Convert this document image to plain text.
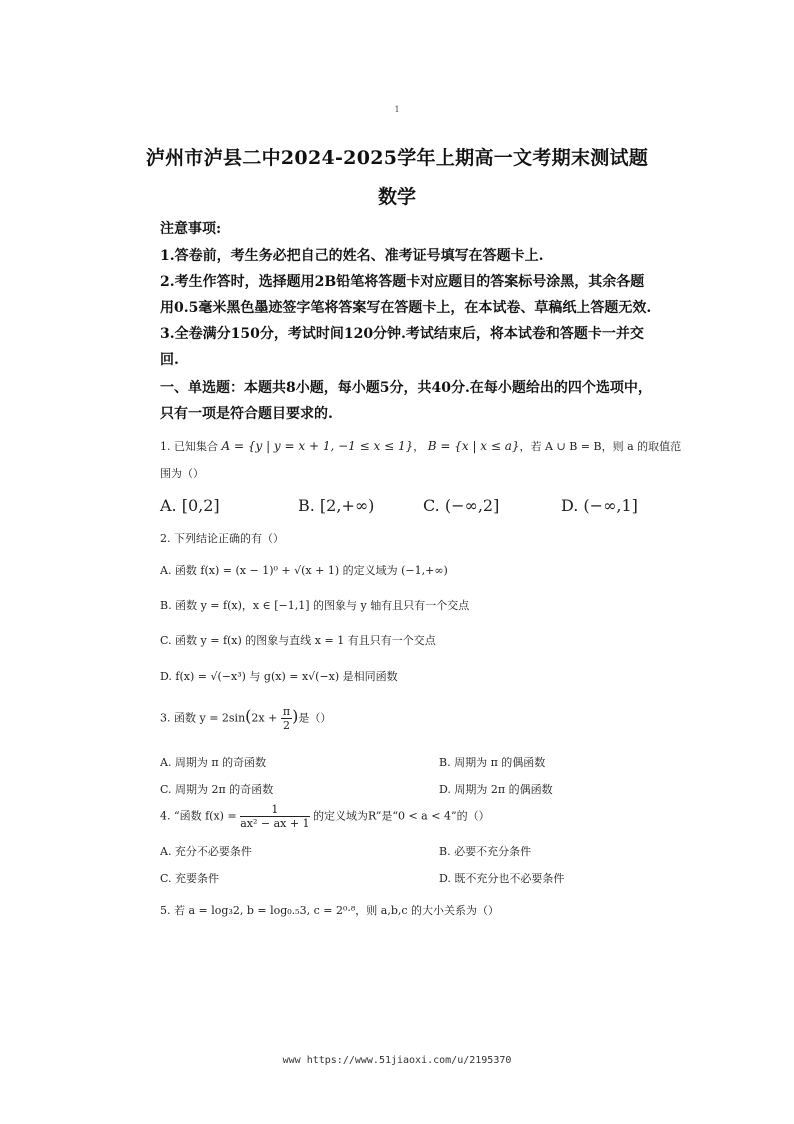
1
泸州市泸县二中2024-2025学年上期高一文考期末测试题
数学
注意事项:
1.答卷前，考生务必把自己的姓名、准考证号填写在答题卡上.
2.考生作答时，选择题用2B铅笔将答题卡对应题目的答案标号涂黑，其余各题
用0.5毫米黑色墨迹签字笔将答案写在答题卡上，在本试卷、草稿纸上答题无效.
3.全卷满分150分，考试时间120分钟.考试结束后，将本试卷和答题卡一并交
回.
一、单选题：本题共8小题，每小题5分，共40分.在每小题给出的四个选项中，
只有一项是符合题目要求的.
1. 已知集合 A = {y | y = x + 1, −1 ≤ x ≤ 1}， B = {x | x ≤ a}，若 A ∪ B = B，则 a 的取值范
围为（）
A. [0,2]	B. [2,+∞)	C. (−∞,2]	D. (−∞,1]
2. 下列结论正确的有（）
A. 函数 f(x) = (x − 1)⁰ + √(x + 1) 的定义域为 (−1,+∞)
B. 函数 y = f(x)，x ∈ [−1,1] 的图象与 y 轴有且只有一个交点
C. 函数 y = f(x) 的图象与直线 x = 1 有且只有一个交点
D. f(x) = √(−x³) 与 g(x) = x√(−x) 是相同函数
3. 函数 $y = 2\sin(2x + \frac{\pi}{2}$ )是（）
A. 周期为 π 的奇函数	B. 周期为 π 的偶函数
C. 周期为 2π 的奇函数	D. 周期为 2π 的偶函数
4. “函数 $f(x) = \frac{1}{\text{ax² − ax + 1}}$ 的定义域为R”是“0 < a < 4”的（）
A. 充分不必要条件	B. 必要不充分条件
C. 充要条件	D. 既不充分也不必要条件
5. 若 a = log₃2, b = log₀.₅3, c = 2⁰·⁸，则 a,b,c 的大小关系为（）
www https://www.51jiaoxi.com/u/2195370
